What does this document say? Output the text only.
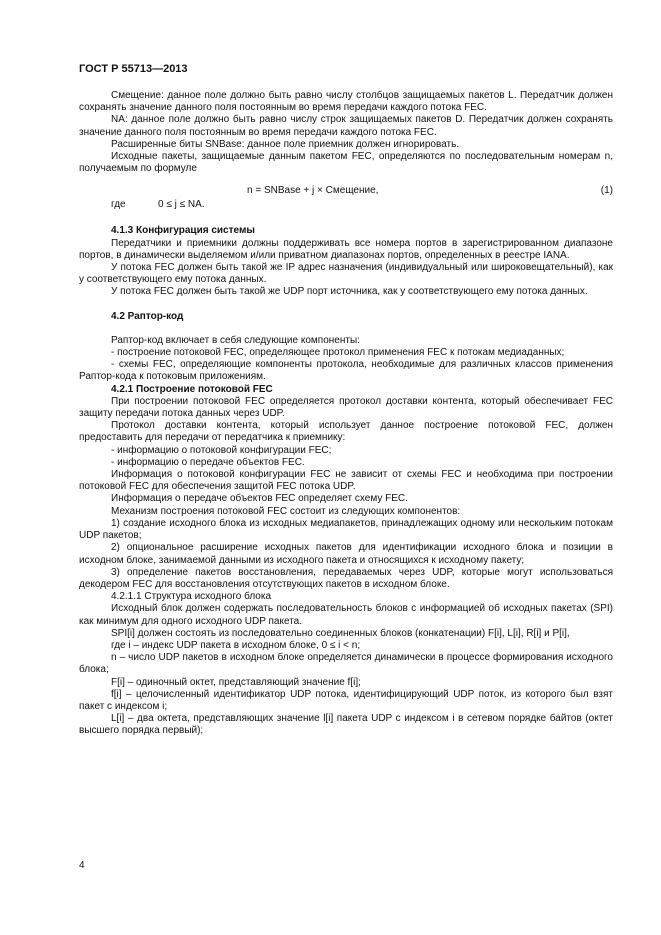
ГОСТ Р 55713—2013

Смещение: данное поле должно быть равно числу столбцов защищаемых пакетов L. Передатчик должен сохранять значение данного поля постоянным во время передачи каждого потока FEC.

NA: данное поле должно быть равно числу строк защищаемых пакетов D. Передатчик должен сохранять значение данного поля постоянным во время передачи каждого потока FEC.

Расширенные биты SNBase: данное поле приемник должен игнорировать.

Исходные пакеты, защищаемые данным пакетом FEC, определяются по последовательным номерам n, получаемым по формуле

n = SNBase + j × Смещение,	(1)
где	0 ≤ j ≤ NA.
4.1.3 Конфигурация системы

Передатчики и приемники должны поддерживать все номера портов в зарегистрированном диапазоне портов, в динамически выделяемом и/или приватном диапазонах портов, определенных в реестре IANA.

У потока FEC должен быть такой же IP адрес назначения (индивидуальный или широковещательный), как у соответствующего ему потока данных.

У потока FEC должен быть такой же UDP порт источника, как у соответствующего ему потока данных.

4.2 Раптор-код

Раптор-код включает в себя следующие компоненты:

- построение потоковой FEC, определяющее протокол применения FEC к потокам медиаданных;

- схемы FEC, определяющие компоненты протокола, необходимые для различных классов применения Раптор-кода к потоковым приложениям.

4.2.1 Построение потоковой FEC

При построении потоковой FEC определяется протокол доставки контента, который обеспечивает FEC защиту передачи потока данных через UDP.

Протокол доставки контента, который использует данное построение потоковой FEC, должен предоставить для передачи от передатчика к приемнику:

- информацию о потоковой конфигурации FEC;

- информацию о передаче объектов FEC.

Информация о потоковой конфигурации FEC не зависит от схемы FEC и необходима при построении потоковой FEC для обеспечения защитой FEC потока UDP.

Информация о передаче объектов FEC определяет схему FEC.

Механизм построения потоковой FEC состоит из следующих компонентов:

1) создание исходного блока из исходных медиапакетов, принадлежащих одному или нескольким потокам UDP пакетов;

2) опциональное расширение исходных пакетов для идентификации исходного блока и позиции в исходном блоке, занимаемой данными из исходного пакета и относящихся к исходному пакету;

3) определение пакетов восстановления, передаваемых через UDP, которые могут использоваться декодером FEC для восстановления отсутствующих пакетов в исходном блоке.

4.2.1.1 Структура исходного блока

Исходный блок должен содержать последовательность блоков с информацией об исходных пакетах (SPI) как минимум для одного исходного UDP пакета.

SPI[i] должен состоять из последовательно соединенных блоков (конкатенации) F[i], L[i], R[i] и P[i],

где i – индекс UDP пакета в исходном блоке, 0 ≤ i < n;

n – число UDP пакетов в исходном блоке определяется динамически в процессе формирования исходного блока;

F[i] – одиночный октет, представляющий значение f[i];

f[i] – целочисленный идентификатор UDP потока, идентифицирующий UDP поток, из которого был взят пакет с индексом i;

L[i] – два октета, представляющих значение l[i] пакета UDP с индексом i в сетевом порядке байтов (октет высшего порядка первый);

4
